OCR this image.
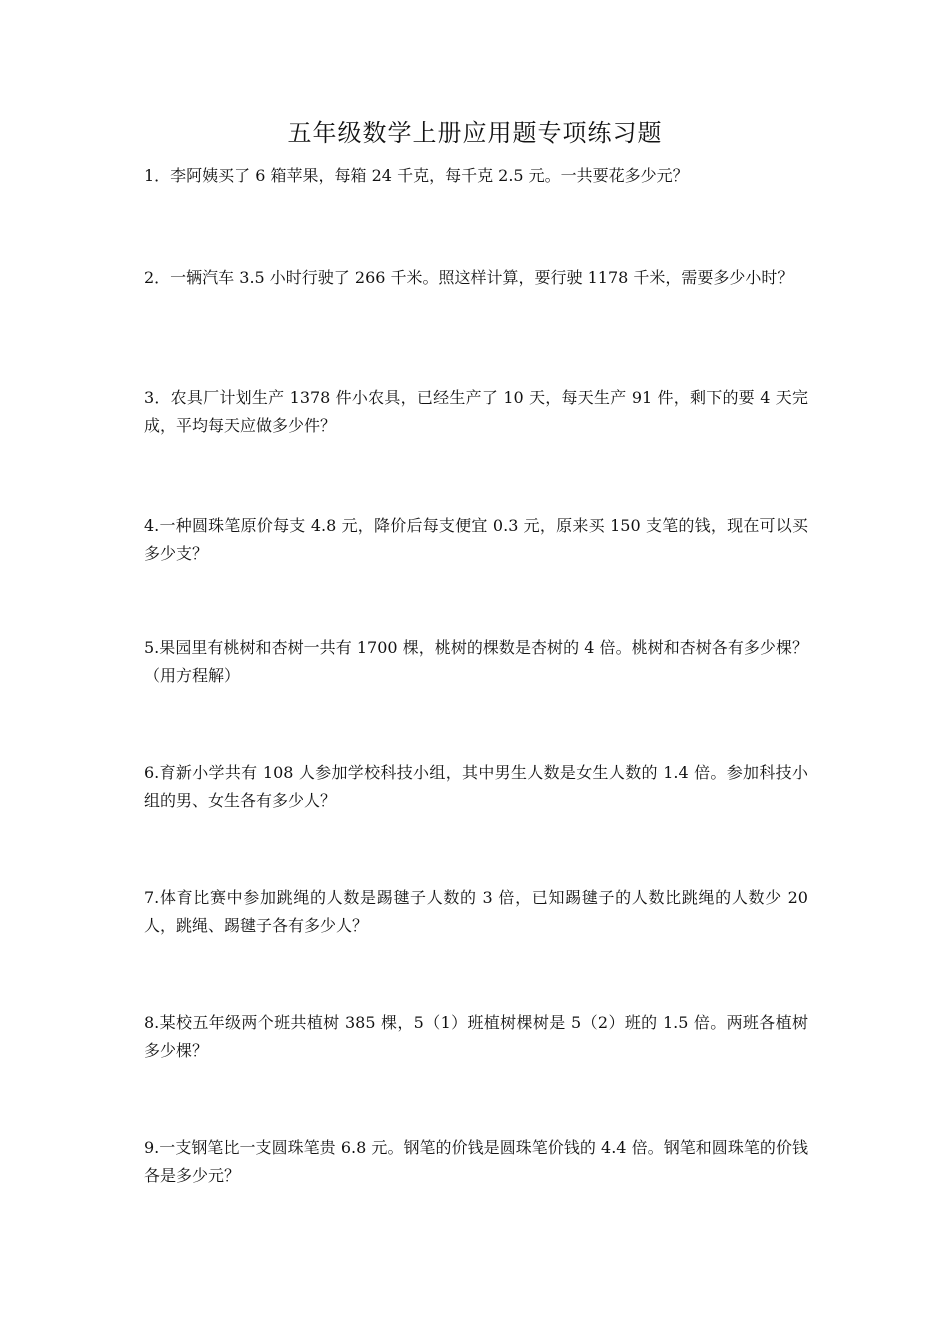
五年级数学上册应用题专项练习题
1．李阿姨买了 6 箱苹果，每箱 24 千克，每千克 2.5 元。一共要花多少元？
2．一辆汽车 3.5 小时行驶了 266 千米。照这样计算，要行驶 1178 千米，需要多少小时？
3．农具厂计划生产 1378 件小农具，已经生产了 10 天，每天生产 91 件，剩下的要 4 天完成，平均每天应做多少件？
4.一种圆珠笔原价每支 4.8 元，降价后每支便宜 0.3 元，原来买 150 支笔的钱，现在可以买多少支？
5.果园里有桃树和杏树一共有 1700 棵，桃树的棵数是杏树的 4 倍。桃树和杏树各有多少棵？（用方程解）
6.育新小学共有 108 人参加学校科技小组，其中男生人数是女生人数的 1.4 倍。参加科技小组的男、女生各有多少人？
7.体育比赛中参加跳绳的人数是踢毽子人数的 3 倍，已知踢毽子的人数比跳绳的人数少 20 人，跳绳、踢毽子各有多少人？
8.某校五年级两个班共植树 385 棵，5（1）班植树棵树是 5（2）班的 1.5 倍。两班各植树多少棵？
9.一支钢笔比一支圆珠笔贵 6.8 元。钢笔的价钱是圆珠笔价钱的 4.4 倍。钢笔和圆珠笔的价钱各是多少元？
